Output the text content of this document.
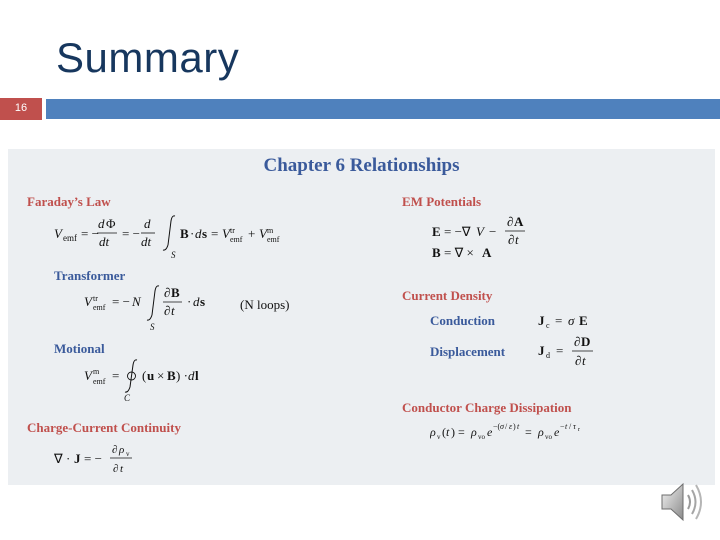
Summary
16
Chapter 6 Relationships
Faraday’s Law
V emf = −
d Φ
dt
= −
d
dt
S
B · d s = V tr
emf + V m
emf
Transformer
V tr
emf = − N
S
∂ B
∂ t
· d s	(N loops)
Motional
V m
emf =
C
( u × B ) · d l
Charge-Current Continuity
∇ · J = −
∂ ρ v
∂ t
EM Potentials
E = −∇ V −
∂ A
∂ t
B = ∇ × A
Current Density
Conduction	J c = σ E
Displacement	J d =
∂ D
∂ t
Conductor Charge Dissipation
ρ v ( t ) = ρ vo e −( σ / ε ) t = ρ vo e − t / τ r
